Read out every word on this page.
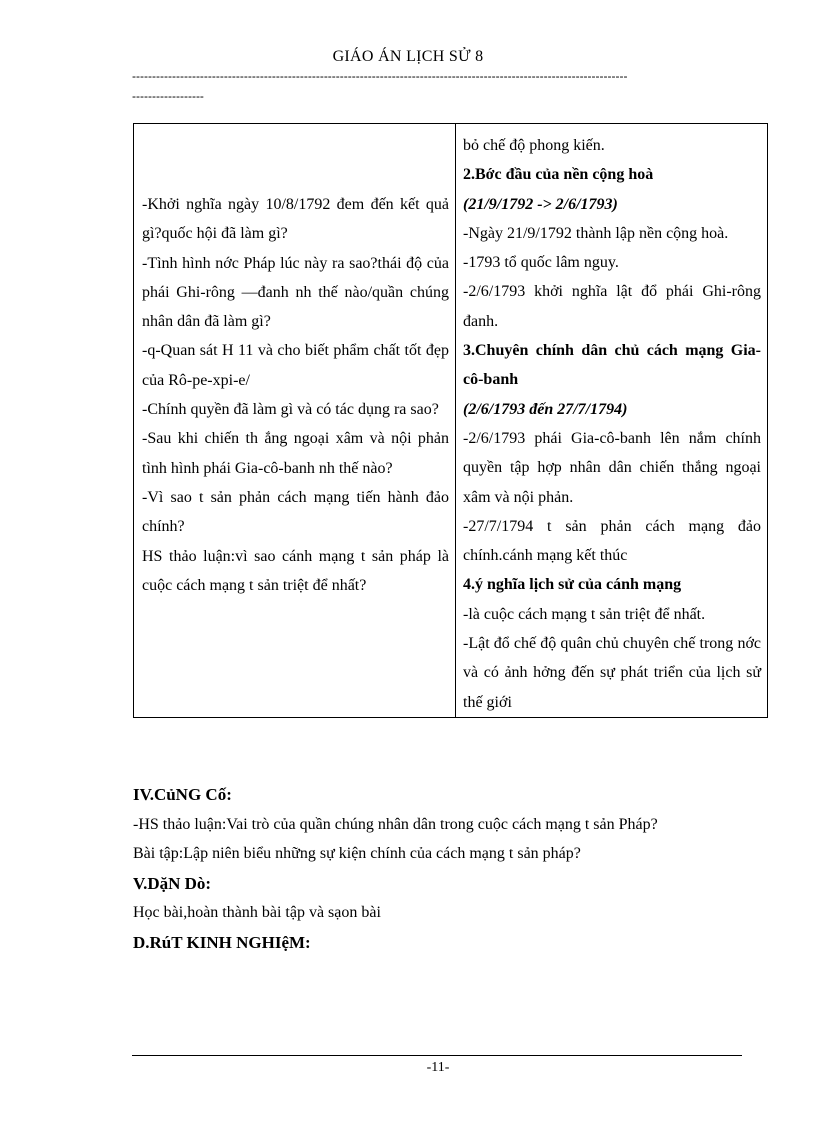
GIÁO ÁN LỊCH SỬ 8
----------------------------------------------------------------------------------------------------------------------------
------------------
-Khởi nghĩa ngày 10/8/1792 đem đến kết quả gì?quốc hội đã làm gì?
-Tình hình nớc Pháp lúc này ra sao?thái độ của phái Ghi-rông —đanh nh thế nào/quần chúng nhân dân đã làm gì?
-q-Quan sát H 11 và cho biết phẩm chất tốt đẹp của Rô-pe-xpi-e/
-Chính quyền đã làm gì và có tác dụng ra sao?
-Sau khi chiến th ắng ngoại xâm và nội phản tình hình phái Gia-cô-banh nh thế nào?
-Vì sao t sản phản cách mạng tiến hành đảo chính?
HS thảo luận:vì sao cánh mạng t sản pháp là cuộc cách mạng t sản triệt để nhất?

bỏ chế độ phong kiến.
2.Bớc đầu của nền cộng hoà
(21/9/1792 -> 2/6/1793)
-Ngày 21/9/1792 thành lập nền cộng hoà.
-1793 tổ quốc lâm nguy.
-2/6/1793 khởi nghĩa lật đổ phái Ghi-rông đanh.
3.Chuyên chính dân chủ cách mạng Gia-cô-banh
(2/6/1793 đến 27/7/1794)
-2/6/1793 phái Gia-cô-banh lên nắm chính quyền tập hợp nhân dân chiến thắng ngoại xâm và nội phản.
-27/7/1794 t sản phản cách mạng đảo chính.cánh mạng kết thúc
4.ý nghĩa lịch sử của cánh mạng
-là cuộc cách mạng t sản triệt để nhất.
-Lật đổ chế độ quân chủ chuyên chế trong nớc và có ảnh hởng đến sự phát triển của lịch sử thế giới
IV.CủNG Cố:
-HS thảo luận:Vai trò của quần chúng nhân dân trong cuộc cách mạng t sản Pháp?
Bài tập:Lập niên biểu những sự kiện chính của cách mạng t sản pháp?
V.DặN Dò:
Học bài,hoàn thành bài tập và sạon bài
D.RúT KINH NGHIệM:
-11-
